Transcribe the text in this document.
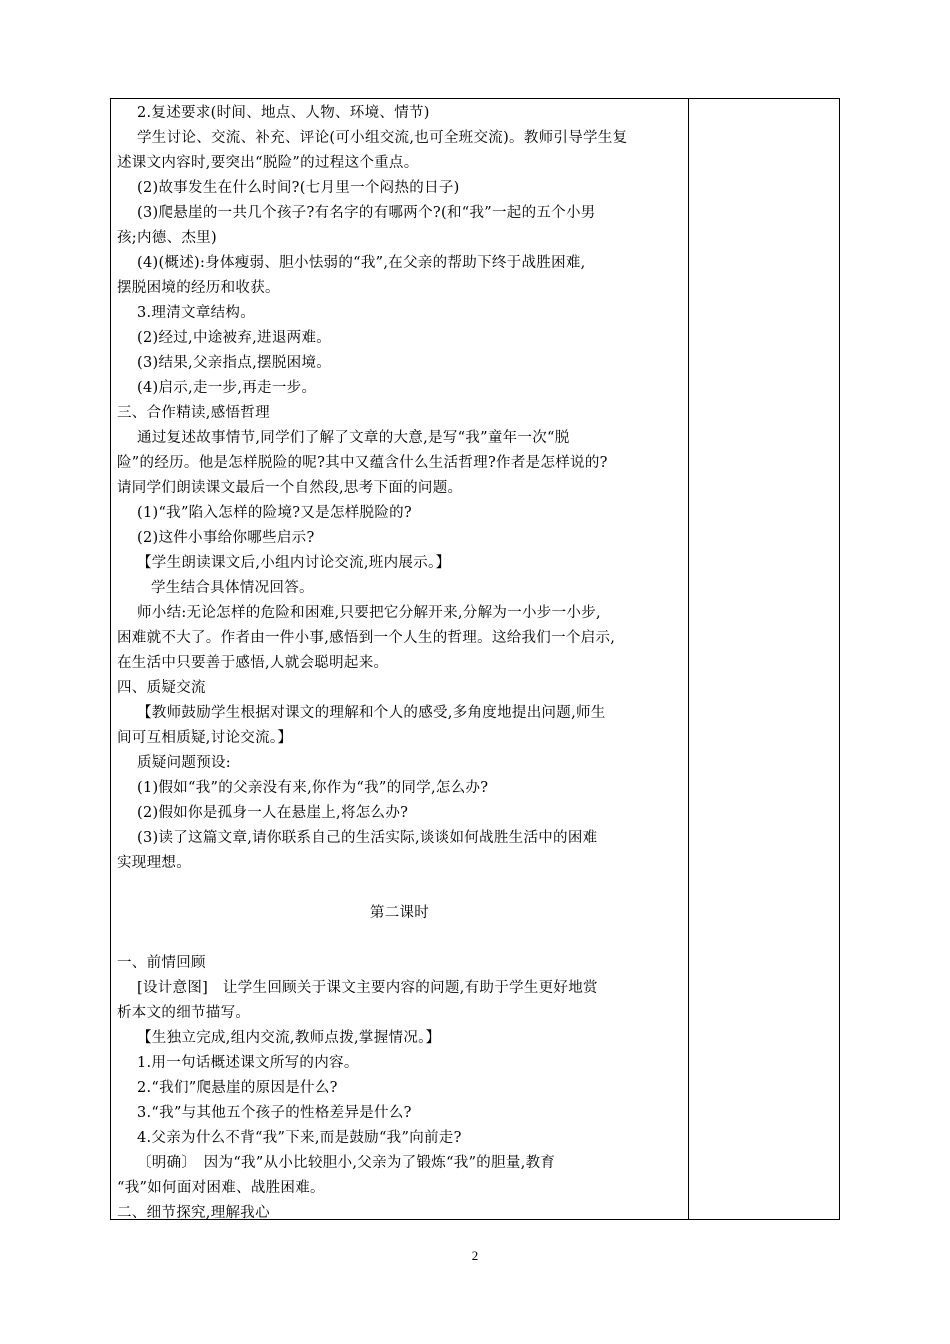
2.复述要求(时间、地点、人物、环境、情节)
学生讨论、交流、补充、评论(可小组交流,也可全班交流)。教师引导学生复
述课文内容时,要突出“脱险”的过程这个重点。
(2)故事发生在什么时间?(七月里一个闷热的日子)
(3)爬悬崖的一共几个孩子?有名字的有哪两个?(和“我”一起的五个小男
孩;内德、杰里)
(4)(概述):身体瘦弱、胆小怯弱的“我”,在父亲的帮助下终于战胜困难,
摆脱困境的经历和收获。
3.理清文章结构。
(2)经过,中途被弃,进退两难。
(3)结果,父亲指点,摆脱困境。
(4)启示,走一步,再走一步。
三、合作精读,感悟哲理
通过复述故事情节,同学们了解了文章的大意,是写“我”童年一次“脱
险”的经历。他是怎样脱险的呢?其中又蕴含什么生活哲理?作者是怎样说的?
请同学们朗读课文最后一个自然段,思考下面的问题。
(1)“我”陷入怎样的险境?又是怎样脱险的?
(2)这件小事给你哪些启示?
【学生朗读课文后,小组内讨论交流,班内展示。】
学生结合具体情况回答。
师小结:无论怎样的危险和困难,只要把它分解开来,分解为一小步一小步,
困难就不大了。作者由一件小事,感悟到一个人生的哲理。这给我们一个启示,
在生活中只要善于感悟,人就会聪明起来。
四、质疑交流
【教师鼓励学生根据对课文的理解和个人的感受,多角度地提出问题,师生
间可互相质疑,讨论交流。】
质疑问题预设:
(1)假如“我”的父亲没有来,你作为“我”的同学,怎么办?
(2)假如你是孤身一人在悬崖上,将怎么办?
(3)读了这篇文章,请你联系自己的生活实际,谈谈如何战胜生活中的困难
实现理想。
第二课时
一、前情回顾
[设计意图]　让学生回顾关于课文主要内容的问题,有助于学生更好地赏
析本文的细节描写。
【生独立完成,组内交流,教师点拨,掌握情况。】
1.用一句话概述课文所写的内容。
2.“我们”爬悬崖的原因是什么?
3.“我”与其他五个孩子的性格差异是什么?
4.父亲为什么不背“我”下来,而是鼓励“我”向前走?
〔明确〕　因为“我”从小比较胆小,父亲为了锻炼“我”的胆量,教育
“我”如何面对困难、战胜困难。
二、细节探究,理解我心
2
